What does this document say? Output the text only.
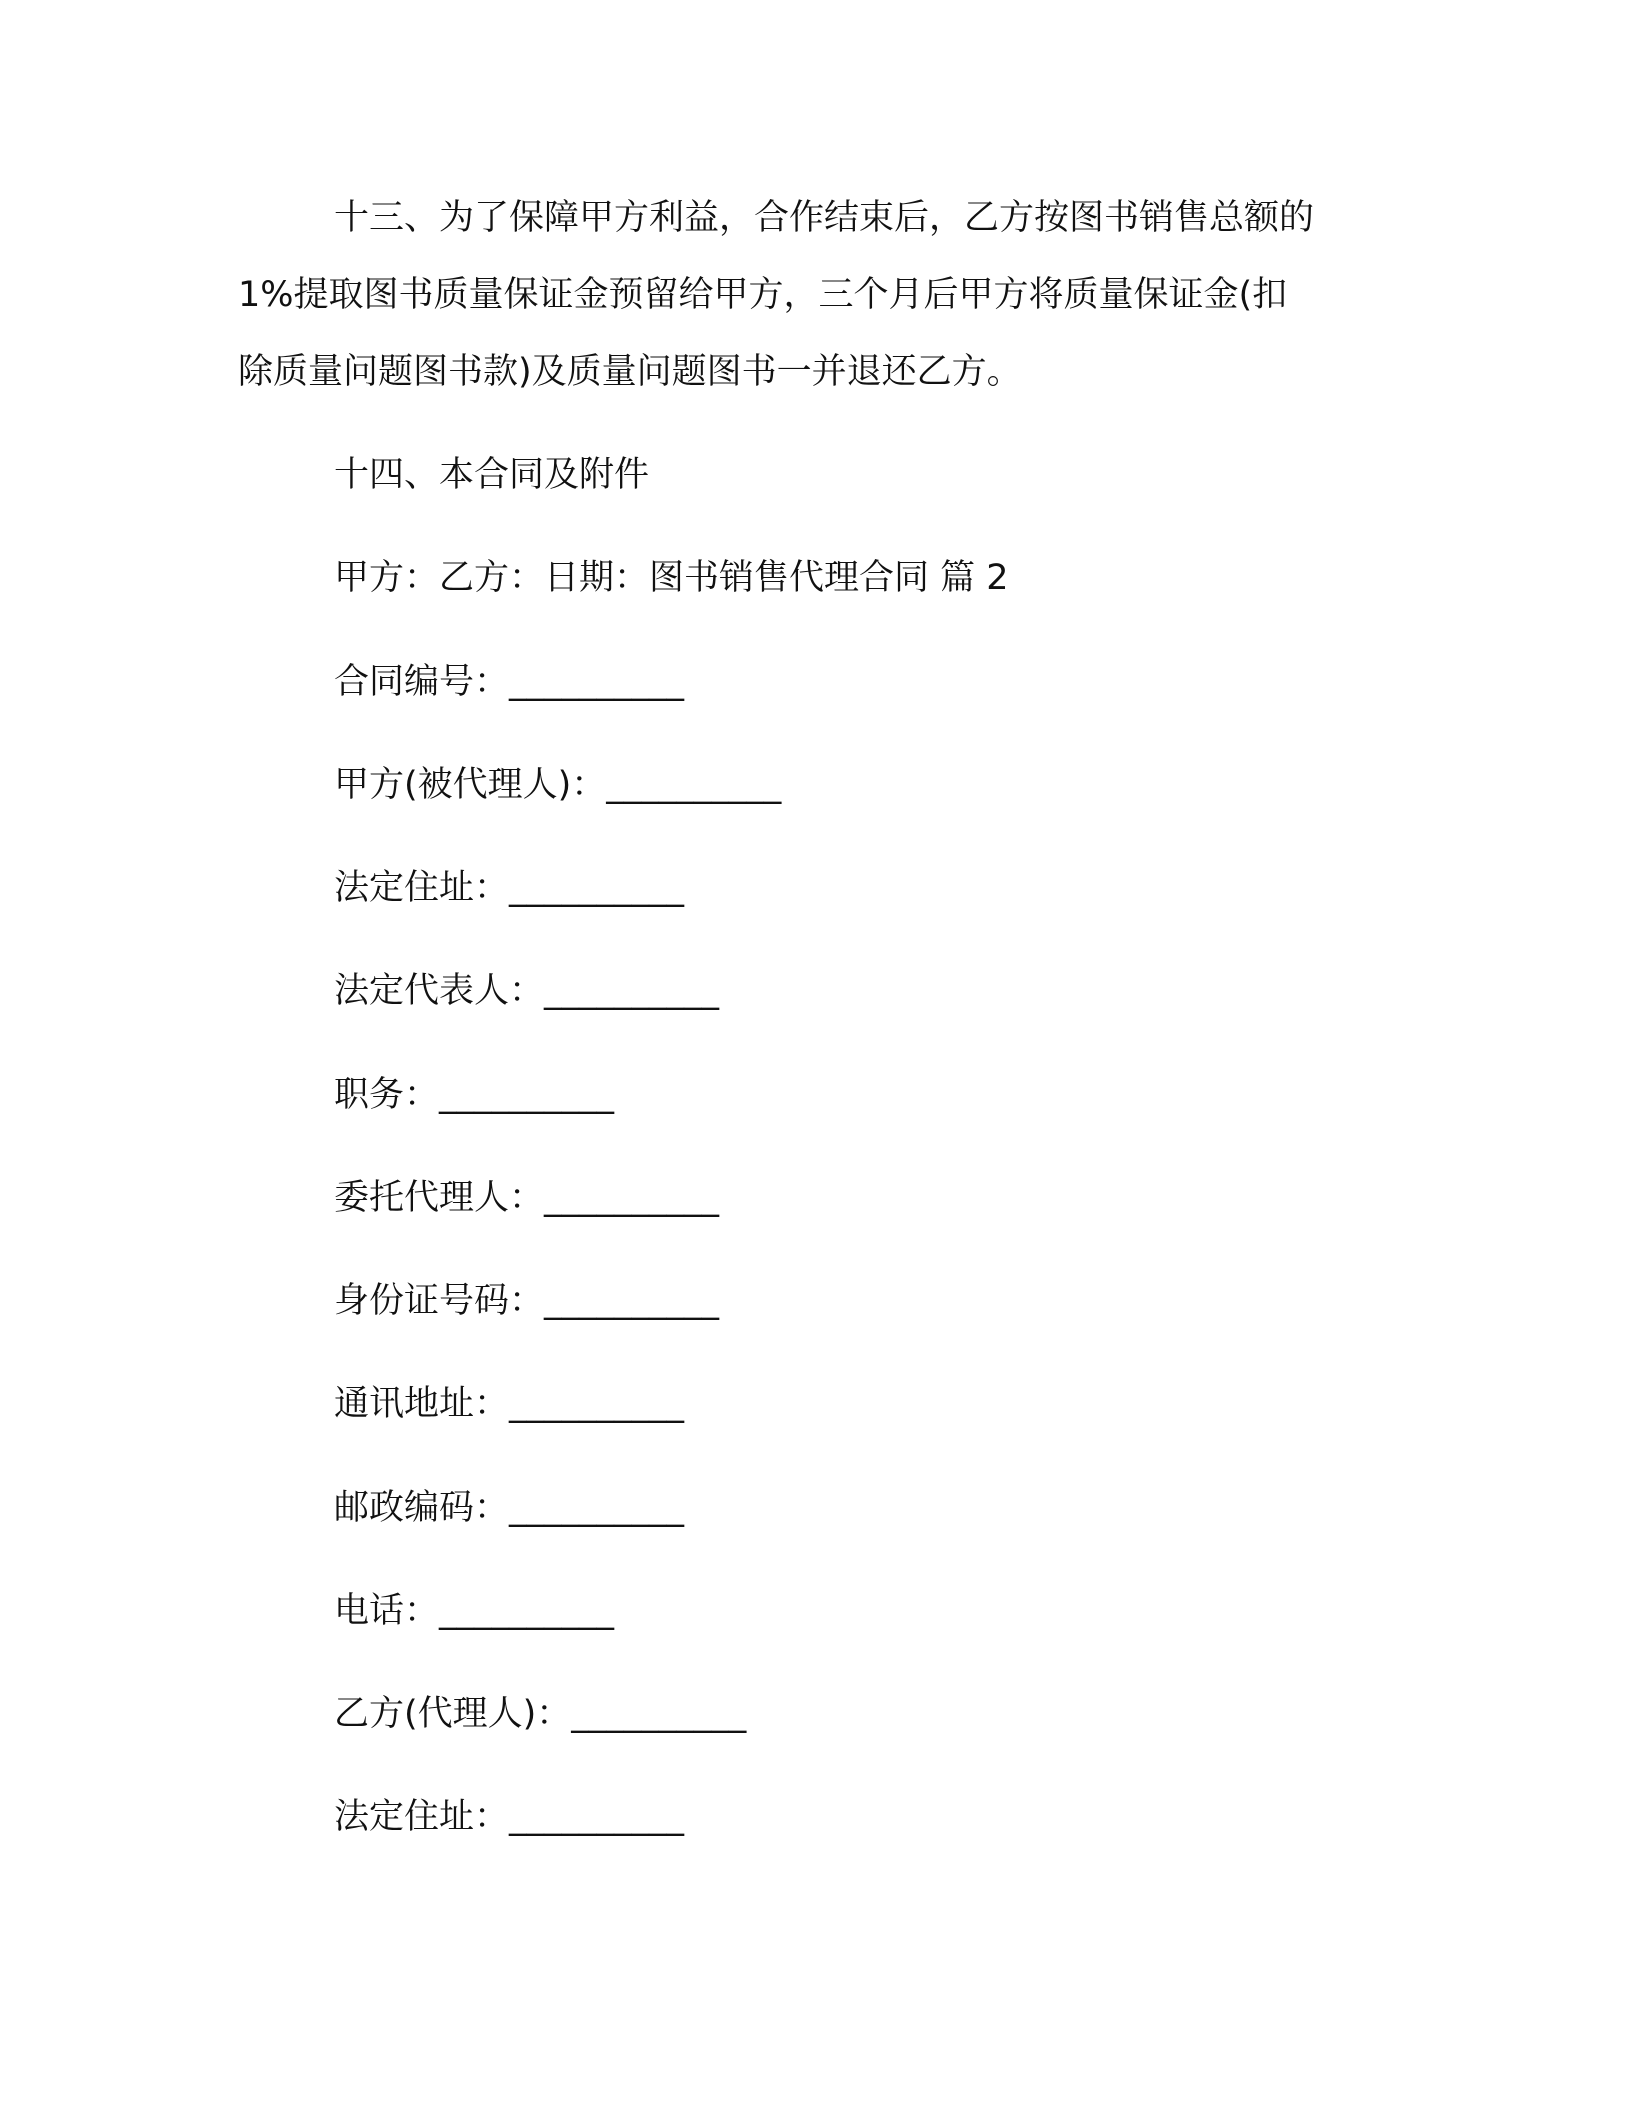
十三、为了保障甲方利益，合作结束后，乙方按图书销售总额的
1%提取图书质量保证金预留给甲方，三个月后甲方将质量保证金(扣
除质量问题图书款)及质量问题图书一并退还乙方。
十四、本合同及附件
甲方：乙方：日期：图书销售代理合同 篇 2
合同编号：__________
甲方(被代理人)：__________
法定住址：__________
法定代表人：__________
职务：__________
委托代理人：__________
身份证号码：__________
通讯地址：__________
邮政编码：__________
电话：__________
乙方(代理人)：__________
法定住址：__________
